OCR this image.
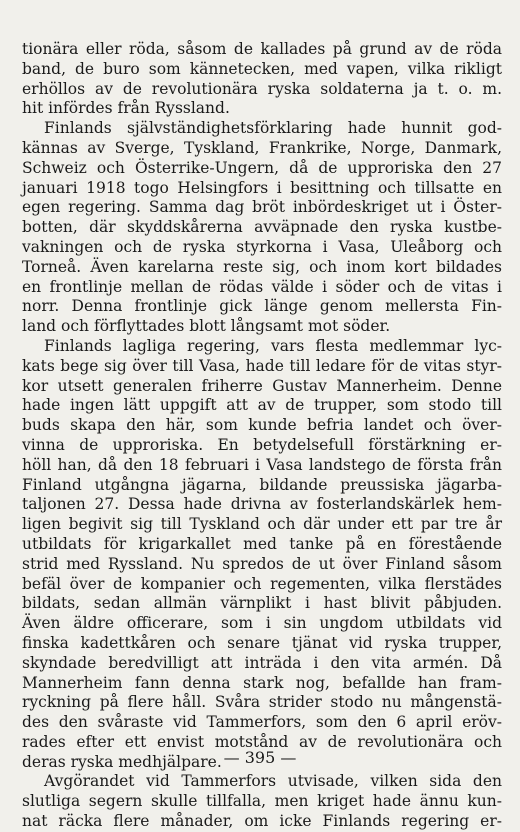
tionära eller röda, såsom de kallades på grund av de röda
band, de buro som kännetecken, med vapen, vilka rikligt
erhöllos av de revolutionära ryska soldaterna ja t. o. m.
hit infördes från Ryssland.
Finlands självständighetsförklaring hade hunnit god-
kännas av Sverge, Tyskland, Frankrike, Norge, Danmark,
Schweiz och Österrike-Ungern, då de upproriska den 27
januari 1918 togo Helsingfors i besittning och tillsatte en
egen regering. Samma dag bröt inbördeskriget ut i Öster-
botten, där skyddskårerna avväpnade den ryska kustbe-
vakningen och de ryska styrkorna i Vasa, Uleåborg och
Torneå. Även karelarna reste sig, och inom kort bildades
en frontlinje mellan de rödas välde i söder och de vitas i
norr. Denna frontlinje gick länge genom mellersta Fin-
land och förflyttades blott långsamt mot söder.
Finlands lagliga regering, vars flesta medlemmar lyc-
kats bege sig över till Vasa, hade till ledare för de vitas styr-
kor utsett generalen friherre Gustav Mannerheim. Denne
hade ingen lätt uppgift att av de trupper, som stodo till
buds skapa den här, som kunde befria landet och över-
vinna de upproriska. En betydelsefull förstärkning er-
höll han, då den 18 februari i Vasa landstego de första från
Finland utgångna jägarna, bildande preussiska jägarba-
taljonen 27. Dessa hade drivna av fosterlandskärlek hem-
ligen begivit sig till Tyskland och där under ett par tre år
utbildats för krigarkallet med tanke på en förestående
strid med Ryssland. Nu spredos de ut över Finland såsom
befäl över de kompanier och regementen, vilka flerstädes
bildats, sedan allmän värnplikt i hast blivit påbjuden.
Även äldre officerare, som i sin ungdom utbildats vid
finska kadettkåren och senare tjänat vid ryska trupper,
skyndade beredvilligt att inträda i den vita armén. Då
Mannerheim fann denna stark nog, befallde han fram-
ryckning på flere håll. Svåra strider stodo nu mångenstä-
des den svåraste vid Tammerfors, som den 6 april eröv-
rades efter ett envist motstånd av de revolutionära och
deras ryska medhjälpare.
Avgörandet vid Tammerfors utvisade, vilken sida den
slutliga segern skulle tillfalla, men kriget hade ännu kun-
nat räcka flere månader, om icke Finlands regering er-
— 395 —
